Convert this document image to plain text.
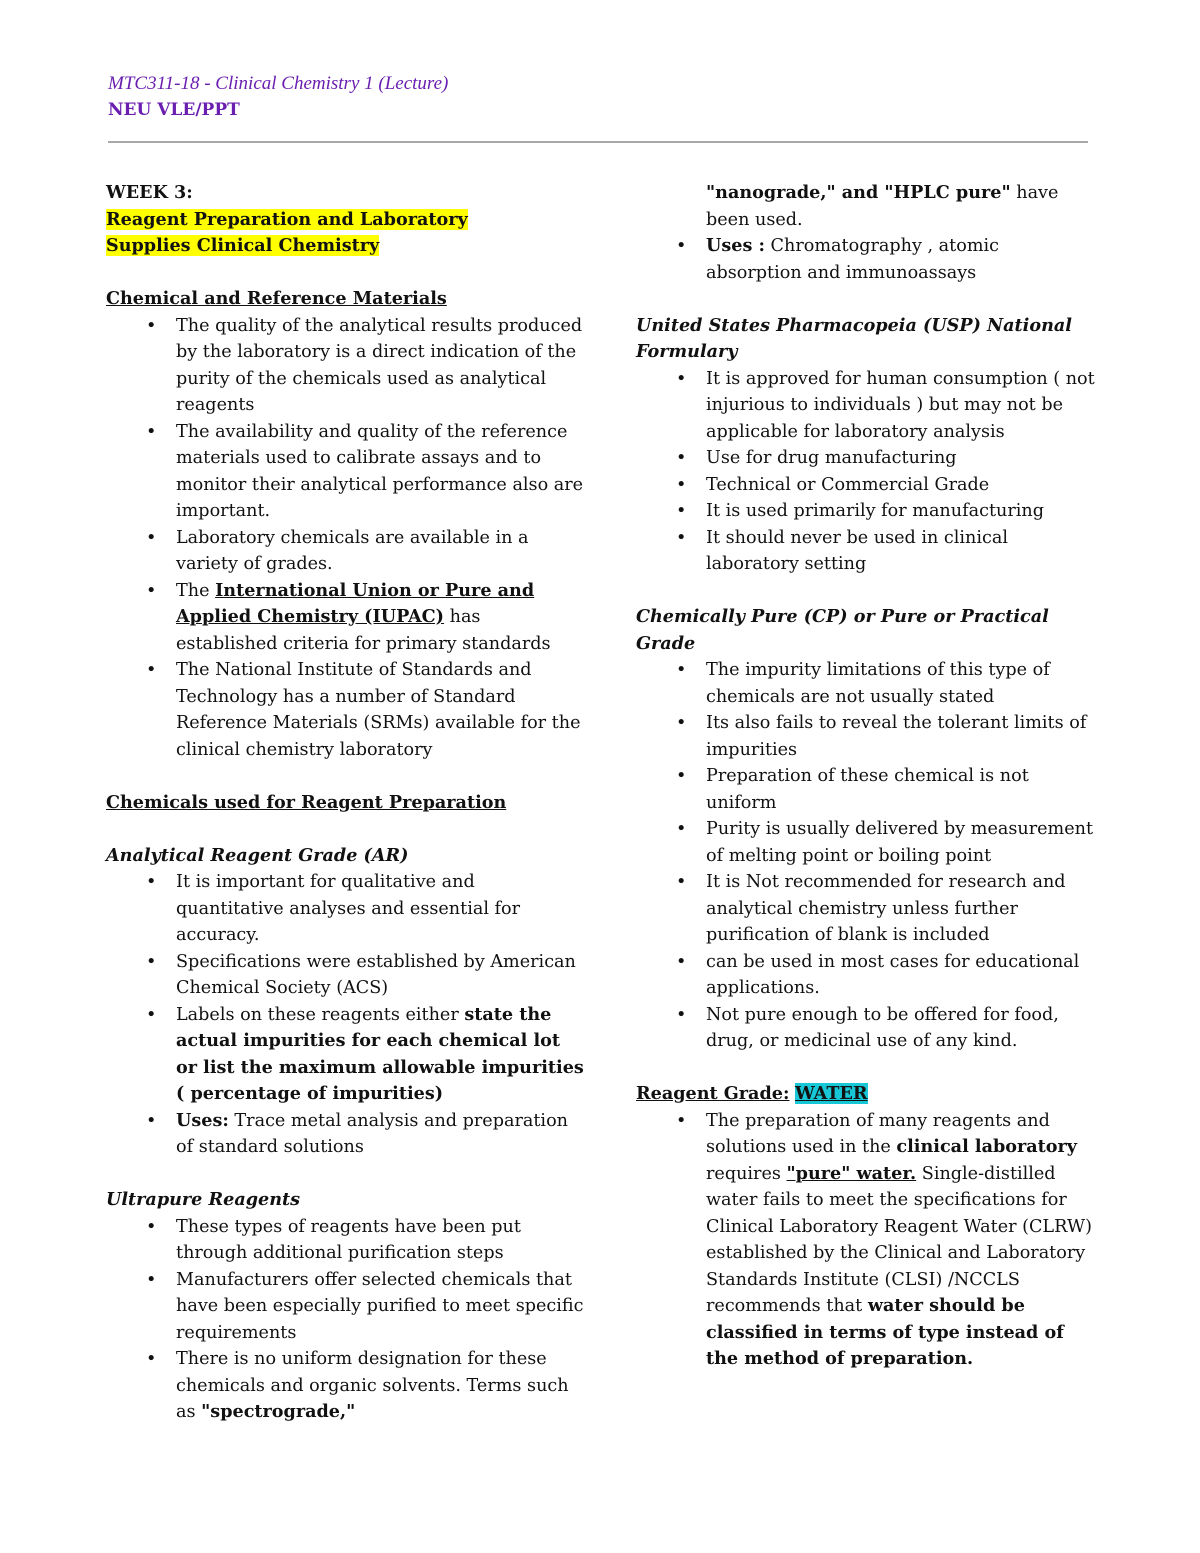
MTC311-18 - Clinical Chemistry 1 (Lecture)
NEU VLE/PPT

WEEK 3:

Reagent Preparation and Laboratory

Supplies Clinical Chemistry

Chemical and Reference Materials

• The quality of the analytical results produced by the laboratory is a direct indication of the purity of the chemicals used as analytical reagents
• The availability and quality of the reference materials used to calibrate assays and to monitor their analytical performance also are important.
• Laboratory chemicals are available in a variety of grades.
• The International Union or Pure and Applied Chemistry (IUPAC) has established criteria for primary standards
• The National Institute of Standards and Technology has a number of Standard Reference Materials (SRMs) available for the clinical chemistry laboratory

Chemicals used for Reagent Preparation

Analytical Reagent Grade (AR)

• It is important for qualitative and quantitative analyses and essential for accuracy.
• Specifications were established by American Chemical Society (ACS)
• Labels on these reagents either state the actual impurities for each chemical lot or list the maximum allowable impurities ( percentage of impurities)
• Uses: Trace metal analysis and preparation of standard solutions

Ultrapure Reagents

• These types of reagents have been put through additional purification steps
• Manufacturers offer selected chemicals that have been especially purified to meet specific requirements
• There is no uniform designation for these chemicals and organic solvents. Terms such as "spectrograde,"
"nanograde," and "HPLC pure" have been used.
• Uses : Chromatography , atomic absorption and immunoassays

United States Pharmacopeia (USP) National Formulary

• It is approved for human consumption ( not injurious to individuals ) but may not be applicable for laboratory analysis
• Use for drug manufacturing
• Technical or Commercial Grade
• It is used primarily for manufacturing
• It should never be used in clinical laboratory setting

Chemically Pure (CP) or Pure or Practical Grade

• The impurity limitations of this type of chemicals are not usually stated
• Its also fails to reveal the tolerant limits of impurities
• Preparation of these chemical is not uniform
• Purity is usually delivered by measurement of melting point or boiling point
• It is Not recommended for research and analytical chemistry unless further purification of blank is included
• can be used in most cases for educational applications.
• Not pure enough to be offered for food, drug, or medicinal use of any kind.

Reagent Grade: WATER

• The preparation of many reagents and solutions used in the clinical laboratory requires "pure" water. Single-distilled water fails to meet the specifications for Clinical Laboratory Reagent Water (CLRW) established by the Clinical and Laboratory Standards Institute (CLSI) /NCCLS recommends that water should be classified in terms of type instead of the method of preparation.
